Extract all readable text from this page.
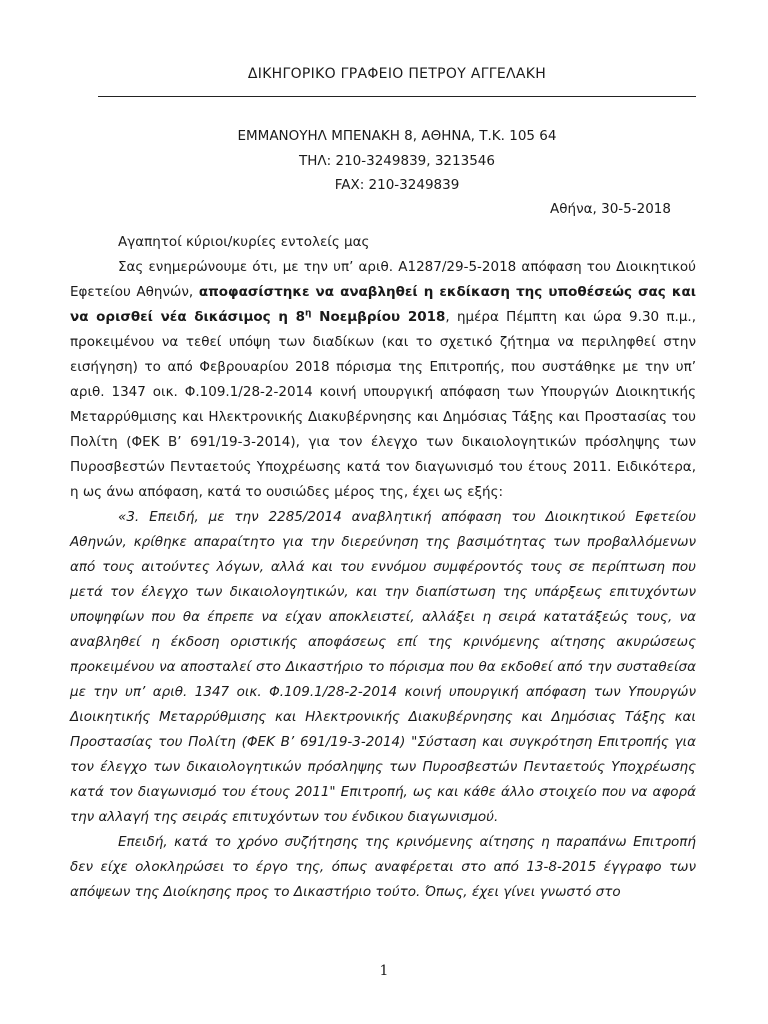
ΔΙΚΗΓΟΡΙΚΟ ΓΡΑΦΕΙΟ ΠΕΤΡΟΥ ΑΓΓΕΛΑΚΗ
ΕΜΜΑΝΟΥΗΛ ΜΠΕΝΑΚΗ 8, ΑΘΗΝΑ, Τ.Κ. 105 64
ΤΗΛ: 210-3249839, 3213546
FAX: 210-3249839
Αθήνα, 30-5-2018

Αγαπητοί κύριοι/κυρίες εντολείς μας

Σας ενημερώνουμε ότι, με την υπ’ αριθ. Α1287/29-5-2018 απόφαση του Διοικητικού Εφετείου Αθηνών, αποφασίστηκε να αναβληθεί η εκδίκαση της υποθέσεώς σας και να ορισθεί νέα δικάσιμος η $8^\eta$ Νοεμβρίου 2018, ημέρα Πέμπτη και ώρα 9.30 π.μ., προκειμένου να τεθεί υπόψη των διαδίκων (και το σχετικό ζήτημα να περιληφθεί στην εισήγηση) το από Φεβρουαρίου 2018 πόρισμα της Επιτροπής, που συστάθηκε με την υπ’ αριθ. 1347 οικ. Φ.109.1/28-2-2014 κοινή υπουργική απόφαση των Υπουργών Διοικητικής Μεταρρύθμισης και Ηλεκτρονικής Διακυβέρνησης και Δημόσιας Τάξης και Προστασίας του Πολίτη (ΦΕΚ Β’ 691/19-3-2014), για τον έλεγχο των δικαιολογητικών πρόσληψης των Πυροσβεστών Πενταετούς Υποχρέωσης κατά τον διαγωνισμό του έτους 2011. Ειδικότερα, η ως άνω απόφαση, κατά το ουσιώδες μέρος της, έχει ως εξής:

«3. Επειδή, με την 2285/2014 αναβλητική απόφαση του Διοικητικού Εφετείου Αθηνών, κρίθηκε απαραίτητο για την διερεύνηση της βασιμότητας των προβαλλόμενων από τους αιτούντες λόγων, αλλά και του εννόμου συμφέροντός τους σε περίπτωση που μετά τον έλεγχο των δικαιολογητικών, και την διαπίστωση της υπάρξεως επιτυχόντων υποψηφίων που θα έπρεπε να είχαν αποκλειστεί, αλλάξει η σειρά κατατάξεώς τους, να αναβληθεί η έκδοση οριστικής αποφάσεως επί της κρινόμενης αίτησης ακυρώσεως προκειμένου να αποσταλεί στο Δικαστήριο το πόρισμα που θα εκδοθεί από την συσταθείσα με την υπ’ αριθ. 1347 οικ. Φ.109.1/28-2-2014 κοινή υπουργική απόφαση των Υπουργών Διοικητικής Μεταρρύθμισης και Ηλεκτρονικής Διακυβέρνησης και Δημόσιας Τάξης και Προστασίας του Πολίτη (ΦΕΚ Β’ 691/19-3-2014) "Σύσταση και συγκρότηση Επιτροπής για τον έλεγχο των δικαιολογητικών πρόσληψης των Πυροσβεστών Πενταετούς Υποχρέωσης κατά τον διαγωνισμό του έτους 2011" Επιτροπή, ως και κάθε άλλο στοιχείο που να αφορά την αλλαγή της σειράς επιτυχόντων του ένδικου διαγωνισμού.

Επειδή, κατά το χρόνο συζήτησης της κρινόμενης αίτησης η παραπάνω Επιτροπή δεν είχε ολοκληρώσει το έργο της, όπως αναφέρεται στο από 13-8-2015 έγγραφο των απόψεων της Διοίκησης προς το Δικαστήριο τούτο. Όπως, έχει γίνει γνωστό στο

1
